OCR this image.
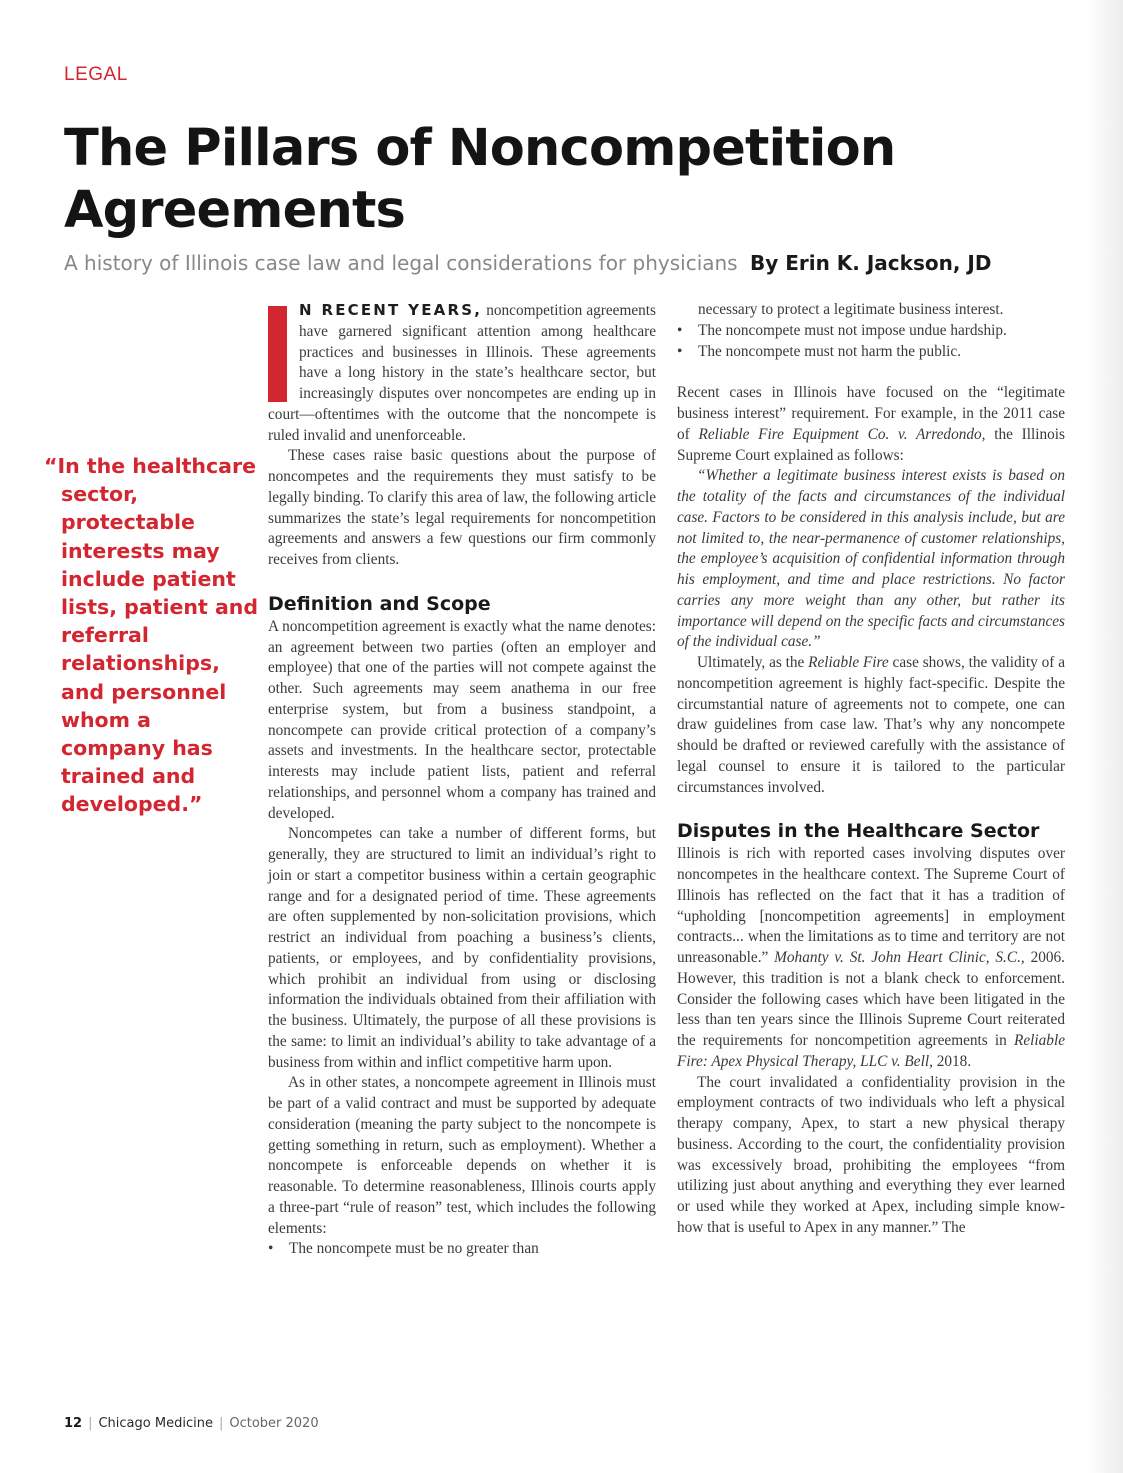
LEGAL
The Pillars of Noncompetition Agreements
A history of Illinois case law and legal considerations for physicians By Erin K. Jackson, JD

“In the healthcare sector, protectable interests may include patient lists, patient and referral relationships, and personnel whom a company has trained and developed.”

N RECENT YEARS, noncompetition agreements have garnered significant attention among healthcare practices and businesses in Illinois. These agreements have a long history in the state’s healthcare sector, but increasingly disputes over noncompetes are ending up in court—oftentimes with the outcome that the noncompete is ruled invalid and unenforceable.

These cases raise basic questions about the purpose of noncompetes and the requirements they must satisfy to be legally binding. To clarify this area of law, the following article summarizes the state’s legal requirements for noncompetition agreements and answers a few questions our firm commonly receives from clients.

Definition and Scope

A noncompetition agreement is exactly what the name denotes: an agreement between two parties (often an employer and employee) that one of the parties will not compete against the other. Such agreements may seem anathema in our free enterprise system, but from a business standpoint, a noncompete can provide critical protection of a company’s assets and investments. In the healthcare sector, protectable interests may include patient lists, patient and referral relationships, and personnel whom a company has trained and developed.

Noncompetes can take a number of different forms, but generally, they are structured to limit an individual’s right to join or start a competitor business within a certain geographic range and for a designated period of time. These agreements are often supplemented by non-solicitation provisions, which restrict an individual from poaching a business’s clients, patients, or employees, and by confidentiality provisions, which prohibit an individual from using or disclosing information the individuals obtained from their affiliation with the business. Ultimately, the purpose of all these provisions is the same: to limit an individual’s ability to take advantage of a business from within and inflict competitive harm upon.

As in other states, a noncompete agreement in Illinois must be part of a valid contract and must be supported by adequate consideration (meaning the party subject to the noncompete is getting something in return, such as employment). Whether a noncompete is enforceable depends on whether it is reasonable. To determine reasonableness, Illinois courts apply a three-part “rule of reason” test, which includes the following elements:

• The noncompete must be no greater than
necessary to protect a legitimate business interest.
• The noncompete must not impose undue hardship.
• The noncompete must not harm the public.

Recent cases in Illinois have focused on the “legitimate business interest” requirement. For example, in the 2011 case of Reliable Fire Equipment Co. v. Arredondo, the Illinois Supreme Court explained as follows:

“Whether a legitimate business interest exists is based on the totality of the facts and circumstances of the individual case. Factors to be considered in this analysis include, but are not limited to, the near-permanence of customer relationships, the employee’s acquisition of confidential information through his employment, and time and place restrictions. No factor carries any more weight than any other, but rather its importance will depend on the specific facts and circumstances of the individual case.”

Ultimately, as the Reliable Fire case shows, the validity of a noncompetition agreement is highly fact-specific. Despite the circumstantial nature of agreements not to compete, one can draw guidelines from case law. That’s why any noncompete should be drafted or reviewed carefully with the assistance of legal counsel to ensure it is tailored to the particular circumstances involved.

Disputes in the Healthcare Sector

Illinois is rich with reported cases involving disputes over noncompetes in the healthcare context. The Supreme Court of Illinois has reflected on the fact that it has a tradition of “upholding [noncompetition agreements] in employment contracts... when the limitations as to time and territory are not unreasonable.” Mohanty v. St. John Heart Clinic, S.C., 2006. However, this tradition is not a blank check to enforcement. Consider the following cases which have been litigated in the less than ten years since the Illinois Supreme Court reiterated the requirements for noncompetition agreements in Reliable Fire: Apex Physical Therapy, LLC v. Bell, 2018.

The court invalidated a confidentiality provision in the employment contracts of two individuals who left a physical therapy company, Apex, to start a new physical therapy business. According to the court, the confidentiality provision was excessively broad, prohibiting the employees “from utilizing just about anything and everything they ever learned or used while they worked at Apex, including simple know-how that is useful to Apex in any manner.” The

12 | Chicago Medicine | October 2020
